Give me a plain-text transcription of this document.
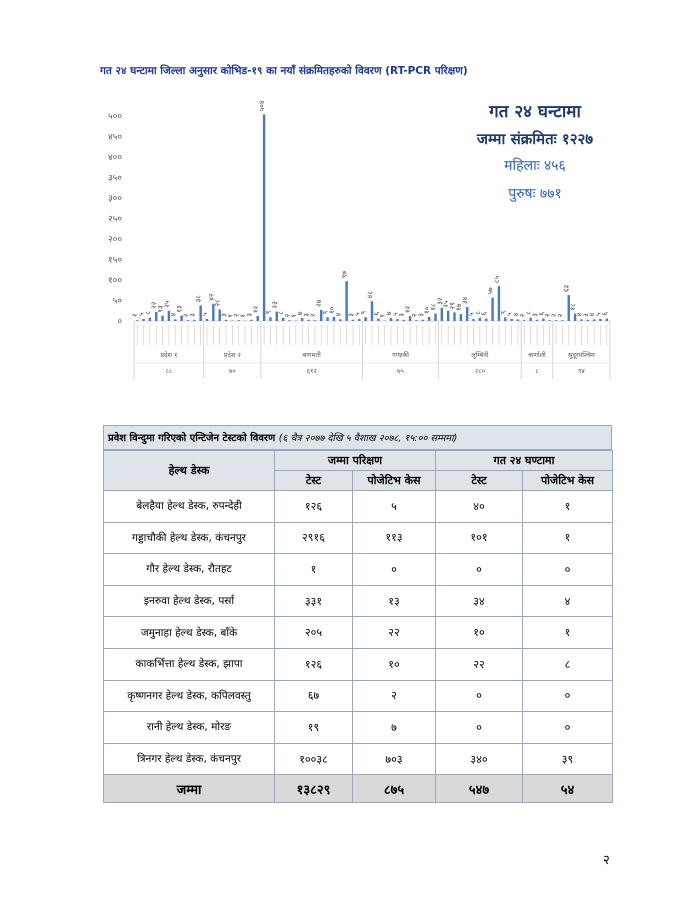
गत २४ घन्टामा जिल्ला अनुसार कोभिड-१९ का नयाँ संक्रमितहरुको विवरण (RT-PCR परिक्षण)
०
५०
१००
१५०
२००
२५०
३००
३५०
४००
४५०
५००
२
५
८
२२
१३
२५
४
१३
२
३
३८
५
४२
२८
३
१
२
१
३
१२
५०४
९
२३
८
२
१
७
३
२
२७
९
१०
४
९७
३
५
९
४८
६
१
७
५
३
१२
२
३
१०
१८
३२
२५
२१
१७
३४
५
८
६
५७
८५
९
५
४
२
८
३
६
२
२
२
६३
१८
४
३
४
५
६
प्रदेश १
८८
प्रदेश २
७०
बागमती
६१२
गण्डकी
७५
लुम्बिनी
२८०
कर्णाली
८
सुदूरपश्चिम
९४
गत २४ घन्टामा
जम्मा संक्रमितः १२२७
महिलाः ४५६
पुरुषः ७७१
प्रवेश विन्दुमा गरिएको एन्टिजेन टेस्टको विवरण (६ चैत्र २०७७ देखि ५ वैशाख २०७८, १५:०० सम्ममा)
हेल्थ डेस्क	जम्मा परिक्षण		गत २४ घण्टामा	
	टेस्ट	पोजेटिभ केस	टेस्ट	पोजेटिभ केस
बेलहैया हेल्थ डेस्क, रुपन्देही	१२६	५	४०	१
गड्डाचौकी हेल्थ डेस्क, कंचनपुर	२९१६	११३	१०१	१
गौर हेल्थ डेस्क, रौतहट	१	०	०	०
इनरुवा हेल्थ डेस्क, पर्सा	३३१	१३	३४	४
जमुनाहा हेल्थ डेस्क, बाँके	२०५	२२	१०	१
काकर्भित्ता हेल्थ डेस्क, झापा	१२६	१०	२२	८
कृष्णनगर हेल्थ डेस्क, कपिलवस्तु	६७	२	०	०
रानी हेल्थ डेस्क, मोरङ	१९	७	०	०
त्रिनगर हेल्थ डेस्क, कंचनपुर	१००३८	७०३	३४०	३९
जम्मा	१३८२९	८७५	५४७	५४
२
